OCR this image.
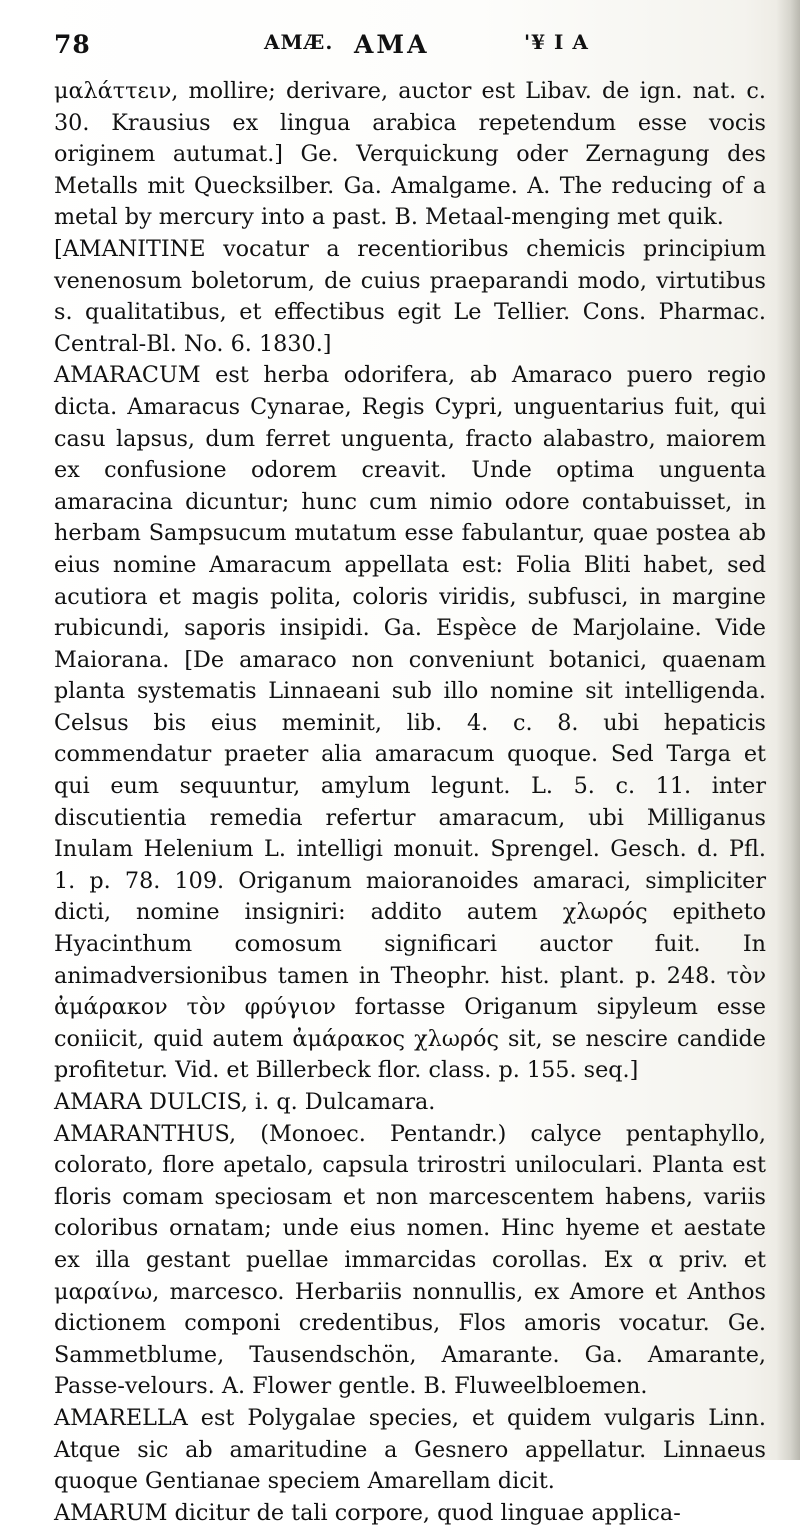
78	AMÆ. AMA	'¥ I A

μαλάττειν, mollire; derivare, auctor est Libav. de ign. nat. c. 30. Krausius ex lingua arabica repetendum esse vocis originem autumat.] Ge. Verquickung oder Zernagung des Metalls mit Quecksilber. Ga. Amalgame. A. The reducing of a metal by mercury into a past. B. Metaal-menging met quik.

[AMANITINE vocatur a recentioribus chemicis principium venenosum boletorum, de cuius praeparandi modo, virtutibus s. qualitatibus, et effectibus egit Le Tellier. Cons. Pharmac. Central-Bl. No. 6. 1830.]

AMARACUM est herba odorifera, ab Amaraco puero regio dicta. Amaracus Cynarae, Regis Cypri, unguentarius fuit, qui casu lapsus, dum ferret unguenta, fracto alabastro, maiorem ex confusione odorem creavit. Unde optima unguenta amaracina dicuntur; hunc cum nimio odore contabuisset, in herbam Sampsucum mutatum esse fabulantur, quae postea ab eius nomine Amaracum appellata est: Folia Bliti habet, sed acutiora et magis polita, coloris viridis, subfusci, in margine rubicundi, saporis insipidi. Ga. Espèce de Marjolaine. Vide Maiorana. [De amaraco non conveniunt botanici, quaenam planta systematis Linnaeani sub illo nomine sit intelligenda. Celsus bis eius meminit, lib. 4. c. 8. ubi hepaticis commendatur praeter alia amaracum quoque. Sed Targa et qui eum sequuntur, amylum legunt. L. 5. c. 11. inter discutientia remedia refertur amaracum, ubi Milliganus Inulam Helenium L. intelligi monuit. Sprengel. Gesch. d. Pfl. 1. p. 78. 109. Origanum maioranoides amaraci, simpliciter dicti, nomine insigniri: addito autem χλωρός epitheto Hyacinthum comosum significari auctor fuit. In animadversionibus tamen in Theophr. hist. plant. p. 248. τὸν ἀμάρακον τὸν φρύγιον fortasse Origanum sipyleum esse coniicit, quid autem ἀμάρακος χλωρός sit, se nescire candide profitetur. Vid. et Billerbeck flor. class. p. 155. seq.]

AMARA DULCIS, i. q. Dulcamara.

AMARANTHUS, (Monoec. Pentandr.) calyce pentaphyllo, colorato, flore apetalo, capsula trirostri uniloculari. Planta est floris comam speciosam et non marcescentem habens, variis coloribus ornatam; unde eius nomen. Hinc hyeme et aestate ex illa gestant puellae immarcidas corollas. Ex α priv. et μαραίνω, marcesco. Herbariis nonnullis, ex Amore et Anthos dictionem componi credentibus, Flos amoris vocatur. Ge. Sammetblume, Tausendschön, Amarante. Ga. Amarante, Passe-velours. A. Flower gentle. B. Fluweelbloemen.

AMARELLA est Polygalae species, et quidem vulgaris Linn. Atque sic ab amaritudine a Gesnero appellatur. Linnaeus quoque Gentianae speciem Amarellam dicit.

AMARUM dicitur de tali corpore, quod linguae applica-
